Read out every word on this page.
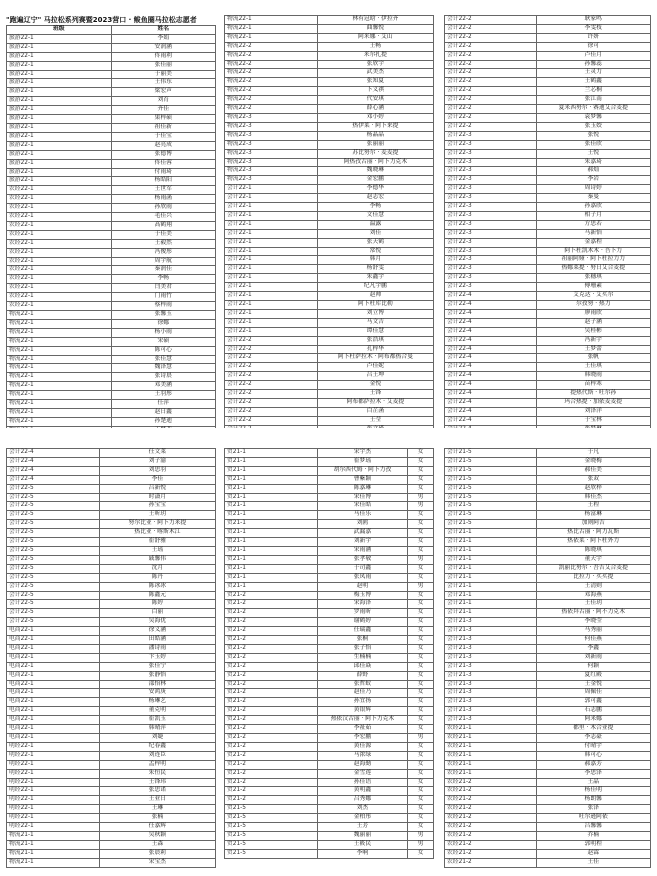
"跑遍辽宁" 马拉松系列赛暨2023营口 · 鲅鱼圈马拉松志愿者
班级	姓名
旅游22-1	李娟
旅游22-1	安润涵
旅游22-1	佟雨利
旅游22-1	张佳丽
旅游22-1	于丽美
旅游22-1	王伟东
旅游22-1	梁宏声
旅游22-1	刘育
旅游22-1	齐佳
旅游22-1	果梓硕
旅游22-1	祖佳新
旅游22-1	于佳宝
旅游22-1	赵亮成
旅游22-1	张德博
旅游22-1	佟佳蓉
旅游22-1	付雨琦
旅游22-1	杨皓阳
农经22-1	王世军
农经22-1	杨雨菡
农经22-1	孙欣雨
农经22-1	毛佳兴
农经22-1	高鹤翔
农经22-1	于佳美
农经22-1	王毅然
农经22-1	冯俊彤
农经22-1	周宇航
农经22-1	秦润佳
农经22-1	李畅
农经22-1	闫美君
农经22-1	门雨竹
农经22-1	蔡梓雨
物流22-1	张馨玉
物流22-1	徐娜
物流22-1	杨小雨
物流22-1	宋硕
物流22-1	陈可心
物流22-1	张佳慧
物流22-1	魏泽慧
物流22-1	张诗晨
物流22-1	邓美涵
物流22-1	王羽彤
物流22-1	任萍
物流22-1	赵日鑫
物流22-1	孙楚迪

物流22-1	林有冠晗 · 伊拉齐
物流22-1	曲馨悦
物流22-1	阿米娜 · 艾山
物流22-2	王畅
物流22-2	米尔扎提
物流22-2	张欣宇
物流22-2	武美杰
物流22-2	张知夏
物流22-2	卜义祺
物流22-2	代安琪
物流22-2	薛心涵
物流22-3	邓小婷
物流22-3	热伊莱 · 阿卜来提
物流22-3	杨晶晶
物流22-3	张丽丽
物流22-3	苏比努尔 · 麦麦提
物流22-3	阿热孜古丽 · 阿卜力克木
物流22-3	魏晓琳
物流22-3	金宏鹏
会计22-1	李德华
会计22-1	赵志宏
会计22-1	李畅
会计22-1	文佳慧
会计22-1	温露
会计22-1	刘佳
会计22-1	张天鹤
会计22-1	常悦
会计22-1	韩月
会计22-1	杨舒雯
会计22-1	朱鑫宇
会计22-1	纪凡宇鹏
会计22-1	赵帅
会计22-1	阿卜杜库比勒
会计22-1	刘立博
会计22-1	马文吉
会计22-1	谭佳慧
会计22-2	张浩琪
会计22-2	孔梓华
会计22-2	阿卜杜萨拉木 · 阿布都热合曼
会计22-2	卢佳妮
会计22-2	吕王坤
会计22-2	金悦
会计22-2	王锋
会计22-2	阿布都萨拉木 · 艾麦提
会计22-2	白芷菡
会计22-2	王莹

会计22-2	耿家鸣
会计22-2	李雯枝
会计22-2	许妍
会计22-2	徐可
会计22-2	卢佳月
会计22-2	孙馨蕊
会计22-2	王灵力
会计22-2	王鹤鑫
会计22-2	兰芯桐
会计22-2	张江南
会计22-2	夏米西努尔 · 赛迪艾合麦提
会计22-2	袁梦馨
会计22-2	张玉姣
会计22-3	张悦
会计22-3	张佳欣
会计22-3	王悦
会计22-3	朱嘉琦
会计22-3	郝灿
会计22-3	李岩
会计22-3	周诗婷
会计22-3	秦曼
会计22-3	孙嘉欣
会计22-3	相子月
会计22-3	方思若
会计22-3	马新怡
会计22-3	金嘉程
会计22-3	阿卜杜凯木木 · 吾卜力
会计22-3	祖丽阿娅 · 阿卜杜拉力力
会计22-3	热娜莱提 · 努日艾合麦提
会计22-3	张穗琪
会计22-3	傅珊素
会计22-4	艾克达 · 艾买尔
会计22-4	尔孜努 · 热力
会计22-4	廖雨欣
会计22-4	赵子涵
会计22-4	吴桂彬
会计22-4	冯新宇
会计22-4	王梦蕾
会计22-4	张帆
会计22-4	王佳琪
会计22-4	韩晓雨
会计22-4	苗梓寒
会计22-4	提热代斯 · 吐尔孙
会计22-4	玛合热提 · 加依麦麦提
会计22-4	刘泽洋
会计22-4	于宝林

会计22-4	任文莱
会计22-4	刘子渝
会计22-4	刘思羽
会计22-4	李佳
会计22-5	吕新悦
会计22-5	时潇月
会计22-5	孙宝宝
会计22-5	王昕玥
会计22-5	努尔比亚 · 阿卜力米提
会计22-5	热比亚 · 喀斯木江
会计22-5	崔舒雅
会计22-5	王瑶
会计22-5	戚馨伟
会计22-5	沈月
会计22-5	陈丹
会计22-5	陈冰冰
会计22-5	陈鑫元
会计22-5	陈婷
会计22-5	白丽
会计22-5	吴海优
电商22-1	徐义涵
电商22-1	田皓涵
电商22-1	潘诗雨
电商22-1	卞玉婷
电商22-1	张佳宁
电商22-1	张静怡
电商22-1	邵怡林
电商22-1	安鸿庚
电商22-1	杨琳艺
电商22-1	董克明
电商22-1	崔凯玉
电商22-1	韩晴萍
电商22-1	刘婕
明经22-1	纪春鑫
明经22-1	刘连臣
明经22-1	孟梓明
明经22-1	朱恒民
明经22-1	王锋玮
明经22-1	张思诺
明经22-1	王亚日
明经22-1	王琳
明经22-1	张楠
明经22-1	任嘉辉
物流21-1	吴秋颖
物流21-1	王森
物流21-1	张晨莉
物流21-1	宋宝杰
贸21-1	宋宇杰	女
贸21-1	崔梦瑶	女
贸21-1	胡尔西代姆 · 阿卜力孜	女
贸21-1	曹紫颖	女
贸21-1	陈嘉琳	女
贸21-1	宋佳博	男
贸21-1	宋佳皓	男
贸21-1	马佳乐	女
贸21-1	刘鸥	女
贸21-1	武漏嘉	女
贸21-1	刘新宇	女
贸21-1	宋雨涵	女
贸21-1	张孝敬	男
贸21-1	于司鑫	女
贸21-1	张凤雨	女
贸21-1	赵明	男
贸21-2	梅玉博	女
贸21-2	宋海泽	女
贸21-2	罗雨昕	女
贸21-2	谢鹤婷	女
贸21-2	任瑞鑫	女
贸21-2	张桐	女
贸21-2	张子怡	女
贸21-2	生楠楠	女
贸21-2	邱佳焱	女
贸21-2	薛野	女
贸21-2	张哲蚁	女
贸21-2	赵佳乃	女
贸21-2	孙宜扬	女
贸21-2	黄银辉	女
贸21-2	热依汉古丽 · 阿卜力克木	女
贸21-2	李祉茹	女
贸21-2	李宏鹏	男
贸21-2	黄佳源	女
贸21-2	马浓绿	女
贸21-2	赵海勤	女
贸21-2	金雪莲	女
贸21-2	孙佳语	女
贸21-2	黄明鑫	女
贸21-2	吕秀娜	女
贸21-5	刘杰	女
贸21-5	金柏彤	女
贸21-5	王芳	女
贸21-5	魏丽丽	男
贸21-5	王筱民	男
贸21-5	李响	女
会计21-5	于凡
会计21-5	金晓梅
会计21-5	郝佳美
会计21-5	张双
会计21-5	赵欣梓
会计21-5	韩佳杰
会计21-5	王程
会计21-5	杨富琳
会计21-5	加则阿吉
会计21-1	热比古丽 · 阿力瓦斯
会计21-1	热依莱 · 阿卜杜外力
会计21-1	陈晓琪
会计21-1	董天宇
会计21-1	凯丽比努尔 · 吾吉艾合麦提
会计21-1	比拉力 · 买买提
会计21-1	王清则
会计21-1	邓海燕
会计21-1	王佳玥
会计21-1	热依拜古丽 · 阿不力克木
会计21-3	李晓莹
会计21-3	马秀丽
会计21-3	何佳燕
会计21-3	李鑫
会计21-3	刘新雨
会计21-3	何颖
会计21-3	夏红殿
会计21-3	王金悦
会计21-3	周佩佳
会计21-3	郭可鑫
会计21-3	石志鹏
会计21-3	阿米娜
农经21-1	都里 · 木合亚提
农经21-1	李志豪
农经21-1	付晴宇
农经21-1	韩可心
农经21-1	郝嘉芳
农经21-1	李思泽
农经21-2	王晶
农经21-2	杨佳明
农经21-2	杨朗馨
农经21-2	张泽
农经21-2	吐尔逊阿依
农经21-2	吕馨馨
农经21-2	乔楠
农经21-2	郭明程
农经21-2	赵霖
农经21-2	王佳
